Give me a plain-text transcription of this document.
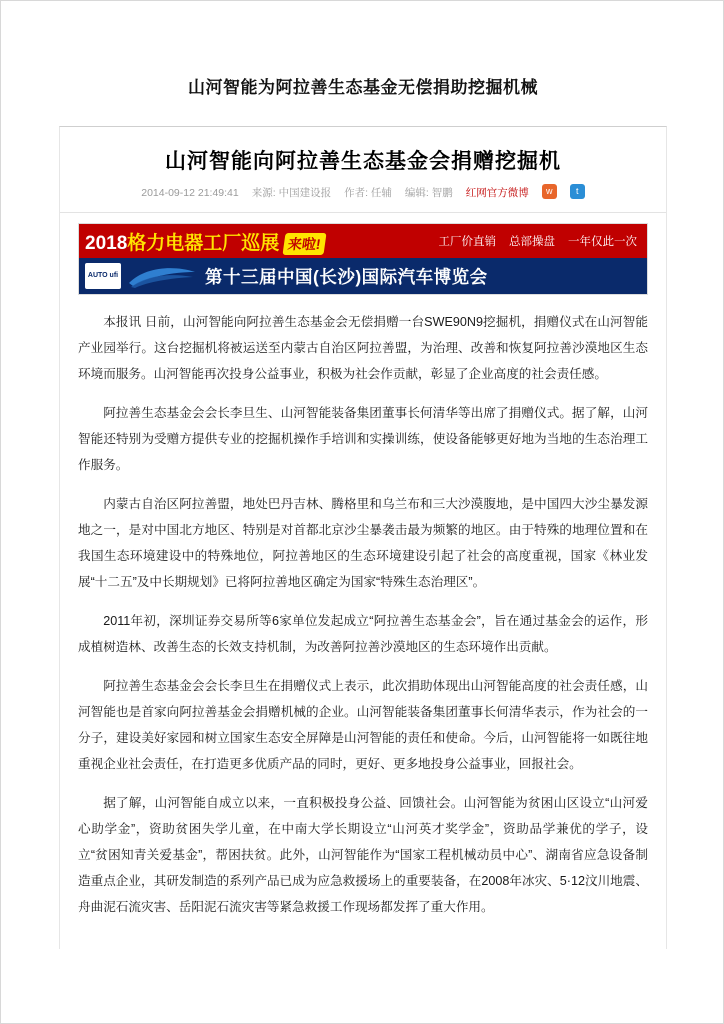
山河智能为阿拉善生态基金无偿捐助挖掘机械
山河智能向阿拉善生态基金会捐赠挖掘机
2014-09-12 21:49:41 来源: 中国建设报 作者: 任辅 编辑: 智鹏 红网官方微博	w	t
2018格力电器工厂巡展 来啦!	工厂价直销 总部操盘 一年仅此一次
AUTO ufi	第十三届中国(长沙)国际汽车博览会

本报讯 日前，山河智能向阿拉善生态基金会无偿捐赠一台SWE90N9挖掘机，捐赠仪式在山河智能产业园举行。这台挖掘机将被运送至内蒙古自治区阿拉善盟，为治理、改善和恢复阿拉善沙漠地区生态环境而服务。山河智能再次投身公益事业，积极为社会作贡献，彰显了企业高度的社会责任感。

阿拉善生态基金会会长李旦生、山河智能装备集团董事长何清华等出席了捐赠仪式。据了解，山河智能还特别为受赠方提供专业的挖掘机操作手培训和实操训练，使设备能够更好地为当地的生态治理工作服务。

内蒙古自治区阿拉善盟，地处巴丹吉林、腾格里和乌兰布和三大沙漠腹地，是中国四大沙尘暴发源地之一，是对中国北方地区、特别是对首都北京沙尘暴袭击最为频繁的地区。由于特殊的地理位置和在我国生态环境建设中的特殊地位，阿拉善地区的生态环境建设引起了社会的高度重视，国家《林业发展“十二五”及中长期规划》已将阿拉善地区确定为国家“特殊生态治理区”。

2011年初，深圳证券交易所等6家单位发起成立“阿拉善生态基金会”，旨在通过基金会的运作，形成植树造林、改善生态的长效支持机制，为改善阿拉善沙漠地区的生态环境作出贡献。

阿拉善生态基金会会长李旦生在捐赠仪式上表示，此次捐助体现出山河智能高度的社会责任感，山河智能也是首家向阿拉善基金会捐赠机械的企业。山河智能装备集团董事长何清华表示，作为社会的一分子，建设美好家园和树立国家生态安全屏障是山河智能的责任和使命。今后，山河智能将一如既往地重视企业社会责任，在打造更多优质产品的同时，更好、更多地投身公益事业，回报社会。

据了解，山河智能自成立以来，一直积极投身公益、回馈社会。山河智能为贫困山区设立“山河爱心助学金”，资助贫困失学儿童，在中南大学长期设立“山河英才奖学金”，资助品学兼优的学子，设立“贫困知青关爱基金”，帮困扶贫。此外，山河智能作为“国家工程机械动员中心”、湖南省应急设备制造重点企业，其研发制造的系列产品已成为应急救援场上的重要装备，在2008年冰灾、5·12汶川地震、舟曲泥石流灾害、岳阳泥石流灾害等紧急救援工作现场都发挥了重大作用。
